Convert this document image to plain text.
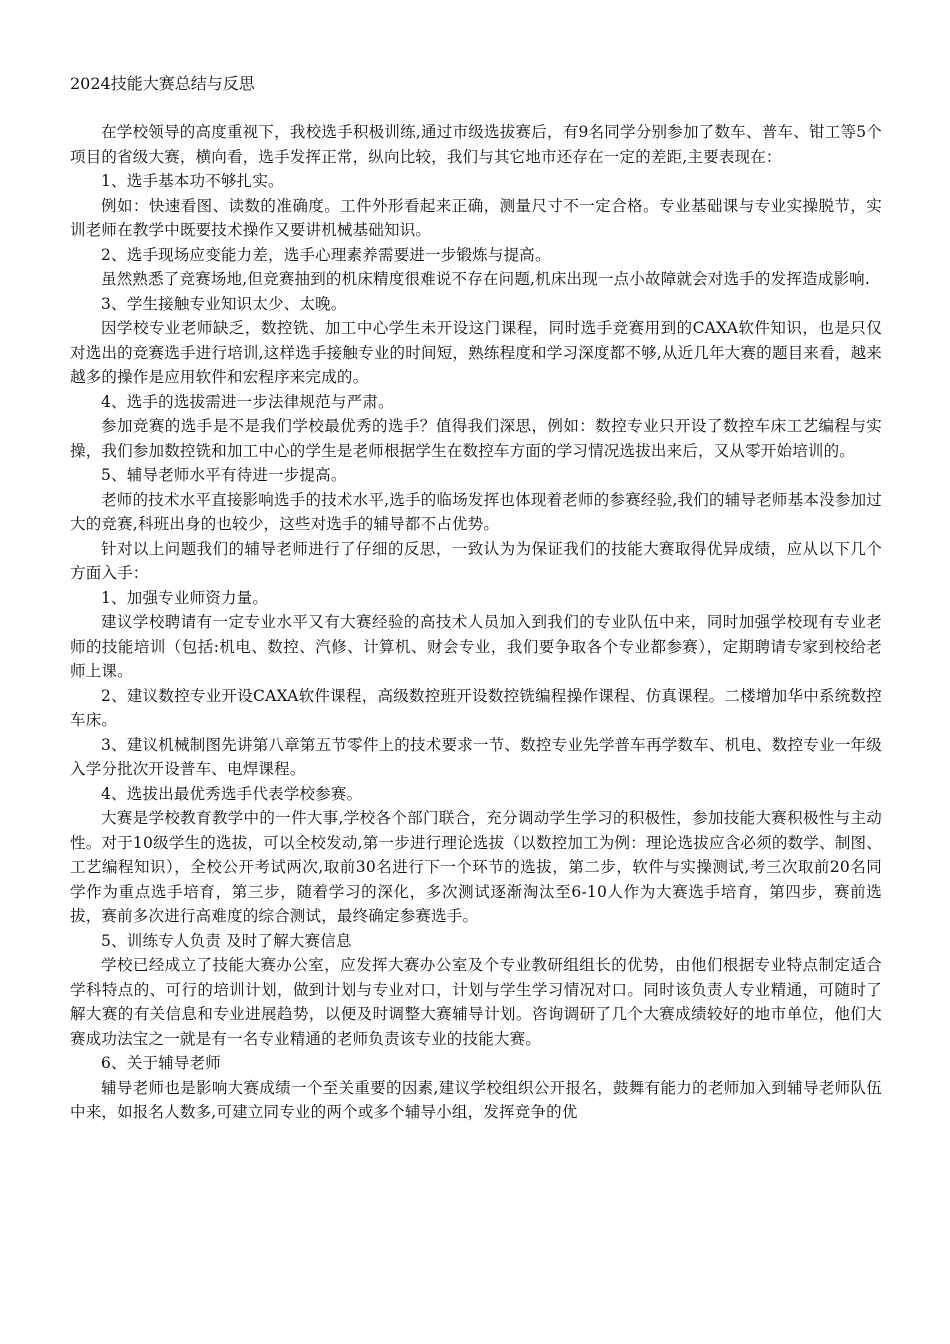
2024技能大赛总结与反思

在学校领导的高度重视下，我校选手积极训练,通过市级选拔赛后，有9名同学分别参加了数车、普车、钳工等5个项目的省级大赛，横向看，选手发挥正常，纵向比较，我们与其它地市还存在一定的差距,主要表现在：

1、选手基本功不够扎实。

例如：快速看图、读数的准确度。工件外形看起来正确，测量尺寸不一定合格。专业基础课与专业实操脱节，实训老师在教学中既要技术操作又要讲机械基础知识。

2、选手现场应变能力差，选手心理素养需要进一步锻炼与提高。

虽然熟悉了竞赛场地,但竞赛抽到的机床精度很难说不存在问题,机床出现一点小故障就会对选手的发挥造成影响.

3、学生接触专业知识太少、太晚。

因学校专业老师缺乏，数控铣、加工中心学生未开设这门课程，同时选手竞赛用到的CAXA软件知识，也是只仅对选出的竞赛选手进行培训,这样选手接触专业的时间短，熟练程度和学习深度都不够,从近几年大赛的题目来看，越来越多的操作是应用软件和宏程序来完成的。

4、选手的选拔需进一步法律规范与严肃。

参加竞赛的选手是不是我们学校最优秀的选手？值得我们深思，例如：数控专业只开设了数控车床工艺编程与实操，我们参加数控铣和加工中心的学生是老师根据学生在数控车方面的学习情况选拔出来后，又从零开始培训的。

5、辅导老师水平有待进一步提高。

老师的技术水平直接影响选手的技术水平,选手的临场发挥也体现着老师的参赛经验,我们的辅导老师基本没参加过大的竞赛,科班出身的也较少，这些对选手的辅导都不占优势。

针对以上问题我们的辅导老师进行了仔细的反思，一致认为为保证我们的技能大赛取得优异成绩，应从以下几个方面入手：

1、加强专业师资力量。

建议学校聘请有一定专业水平又有大赛经验的高技术人员加入到我们的专业队伍中来，同时加强学校现有专业老师的技能培训（包括:机电、数控、汽修、计算机、财会专业，我们要争取各个专业都参赛），定期聘请专家到校给老师上课。

2、建议数控专业开设CAXA软件课程，高级数控班开设数控铣编程操作课程、仿真课程。二楼增加华中系统数控车床。

3、建议机械制图先讲第八章第五节零件上的技术要求一节、数控专业先学普车再学数车、机电、数控专业一年级入学分批次开设普车、电焊课程。

4、选拔出最优秀选手代表学校参赛。

大赛是学校教育教学中的一件大事,学校各个部门联合，充分调动学生学习的积极性，参加技能大赛积极性与主动性。对于10级学生的选拔，可以全校发动,第一步进行理论选拔（以数控加工为例：理论选拔应含必须的数学、制图、工艺编程知识），全校公开考试两次,取前30名进行下一个环节的选拔，第二步，软件与实操测试,考三次取前20名同学作为重点选手培育，第三步，随着学习的深化，多次测试逐渐淘汰至6-10人作为大赛选手培育，第四步，赛前选拔，赛前多次进行高难度的综合测试，最终确定参赛选手。

5、训练专人负责 及时了解大赛信息

学校已经成立了技能大赛办公室，应发挥大赛办公室及个专业教研组组长的优势，由他们根据专业特点制定适合学科特点的、可行的培训计划，做到计划与专业对口，计划与学生学习情况对口。同时该负责人专业精通，可随时了解大赛的有关信息和专业进展趋势，以便及时调整大赛辅导计划。咨询调研了几个大赛成绩较好的地市单位，他们大赛成功法宝之一就是有一名专业精通的老师负责该专业的技能大赛。

6、关于辅导老师

辅导老师也是影响大赛成绩一个至关重要的因素,建议学校组织公开报名，鼓舞有能力的老师加入到辅导老师队伍中来，如报名人数多,可建立同专业的两个或多个辅导小组，发挥竞争的优
